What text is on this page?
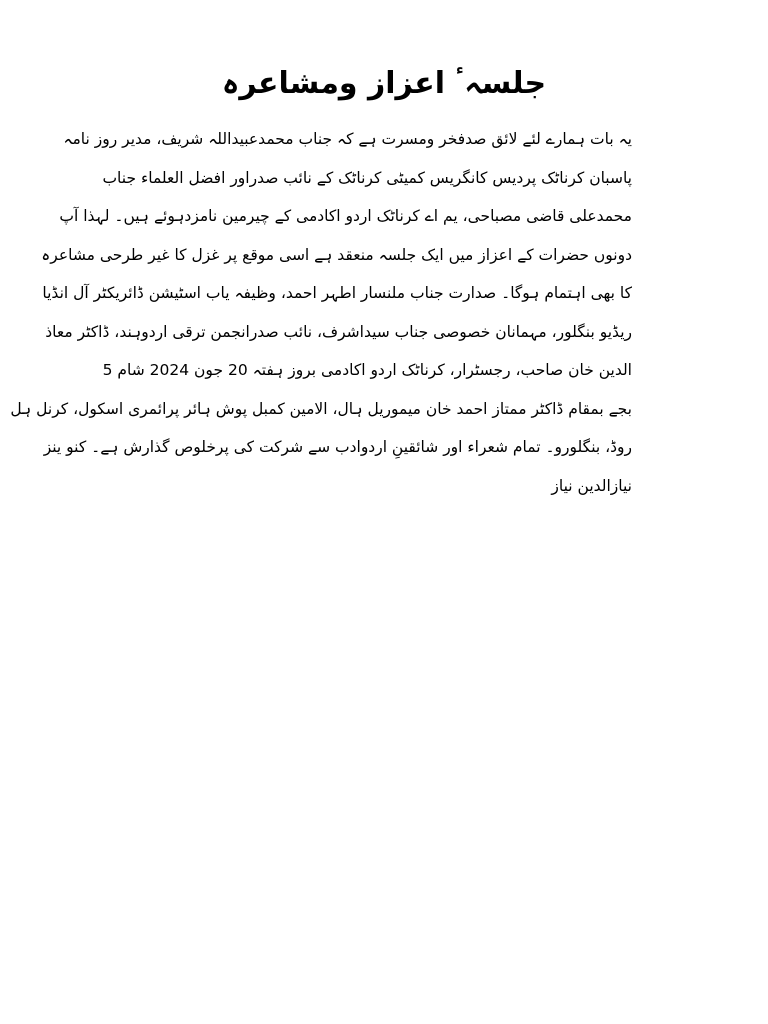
جلسہٴ اعزاز ومشاعرہ
یہ بات ہمارے لئے لائق صدفخر ومسرت ہے کہ جناب محمدعبیداللہ شریف، مدیر روز نامہ
پاسبان کرناٹک پردیس کانگریس کمیٹی کرناٹک کے نائب صدراور افضل العلماء جناب
محمدعلی قاضی مصباحی، یم اے کرناٹک اردو اکادمی کے چیرمین نامزدہوئے ہیں۔ لہذا آپ
دونوں حضرات کے اعزاز میں ایک جلسہ منعقد ہے اسی موقع پر غزل کا غیر طرحی مشاعرہ
کا بھی اہتمام ہوگا۔ صدارت جناب ملنسار اطہر احمد، وظیفہ یاب اسٹیشن ڈائریکٹر آل انڈیا
ریڈیو بنگلور، مہمانان خصوصی جناب سیداشرف، نائب صدرانجمن ترقی اردوہند، ڈاکٹر معاذ
الدین خان صاحب، رجسٹرار، کرناٹک اردو اکادمی بروز ہفتہ 20 جون 2024 شام 5
بجے بمقام ڈاکٹر ممتاز احمد خان میموریل ہال، الامین کمبل پوش ہائر پرائمری اسکول، کرنل ہل
روڈ، بنگلورو۔ تمام شعراء اور شائقینِ اردوادب سے شرکت کی پرخلوص گذارش ہے۔ کنو ینز
نیازالدین نیاز
